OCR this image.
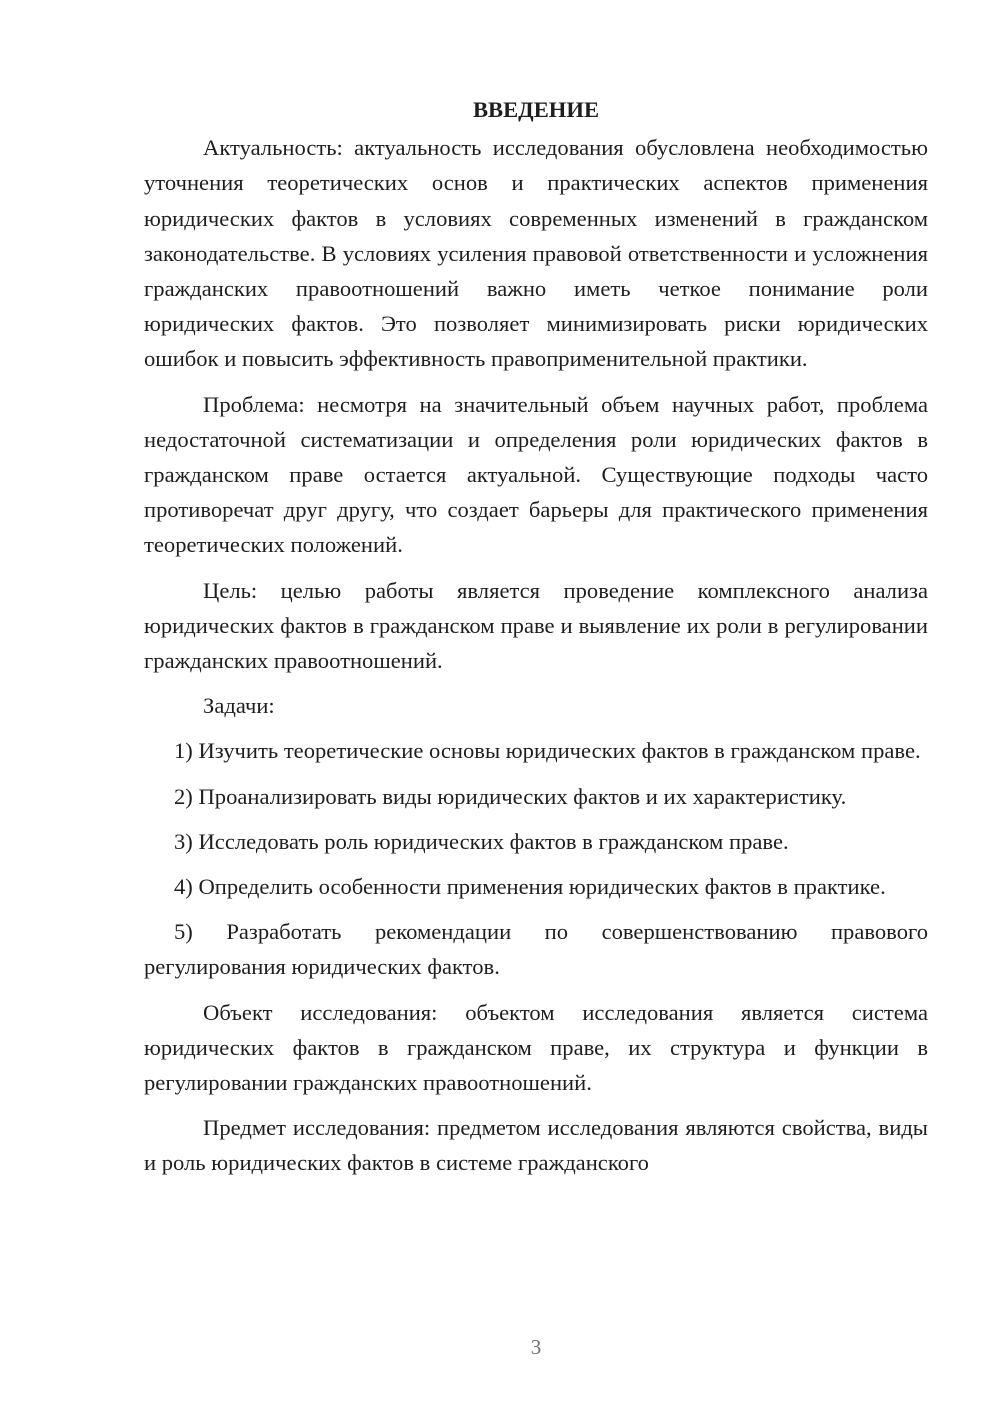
ВВЕДЕНИЕ

Актуальность: актуальность исследования обусловлена необходимостью уточнения теоретических основ и практических аспектов применения юридических фактов в условиях современных изменений в гражданском законодательстве. В условиях усиления правовой ответственности и усложнения гражданских правоотношений важно иметь четкое понимание роли юридических фактов. Это позволяет минимизировать риски юридических ошибок и повысить эффективность правоприменительной практики.

Проблема: несмотря на значительный объем научных работ, проблема недостаточной систематизации и определения роли юридических фактов в гражданском праве остается актуальной. Существующие подходы часто противоречат друг другу, что создает барьеры для практического применения теоретических положений.

Цель: целью работы является проведение комплексного анализа юридических фактов в гражданском праве и выявление их роли в регулировании гражданских правоотношений.

Задачи:

1) Изучить теоретические основы юридических фактов в гражданском праве.

2) Проанализировать виды юридических фактов и их характеристику.

3) Исследовать роль юридических фактов в гражданском праве.

4) Определить особенности применения юридических фактов в практике.

5) Разработать рекомендации по совершенствованию правового регулирования юридических фактов.

Объект исследования: объектом исследования является система юридических фактов в гражданском праве, их структура и функции в регулировании гражданских правоотношений.

Предмет исследования: предметом исследования являются свойства, виды и роль юридических фактов в системе гражданского

3
